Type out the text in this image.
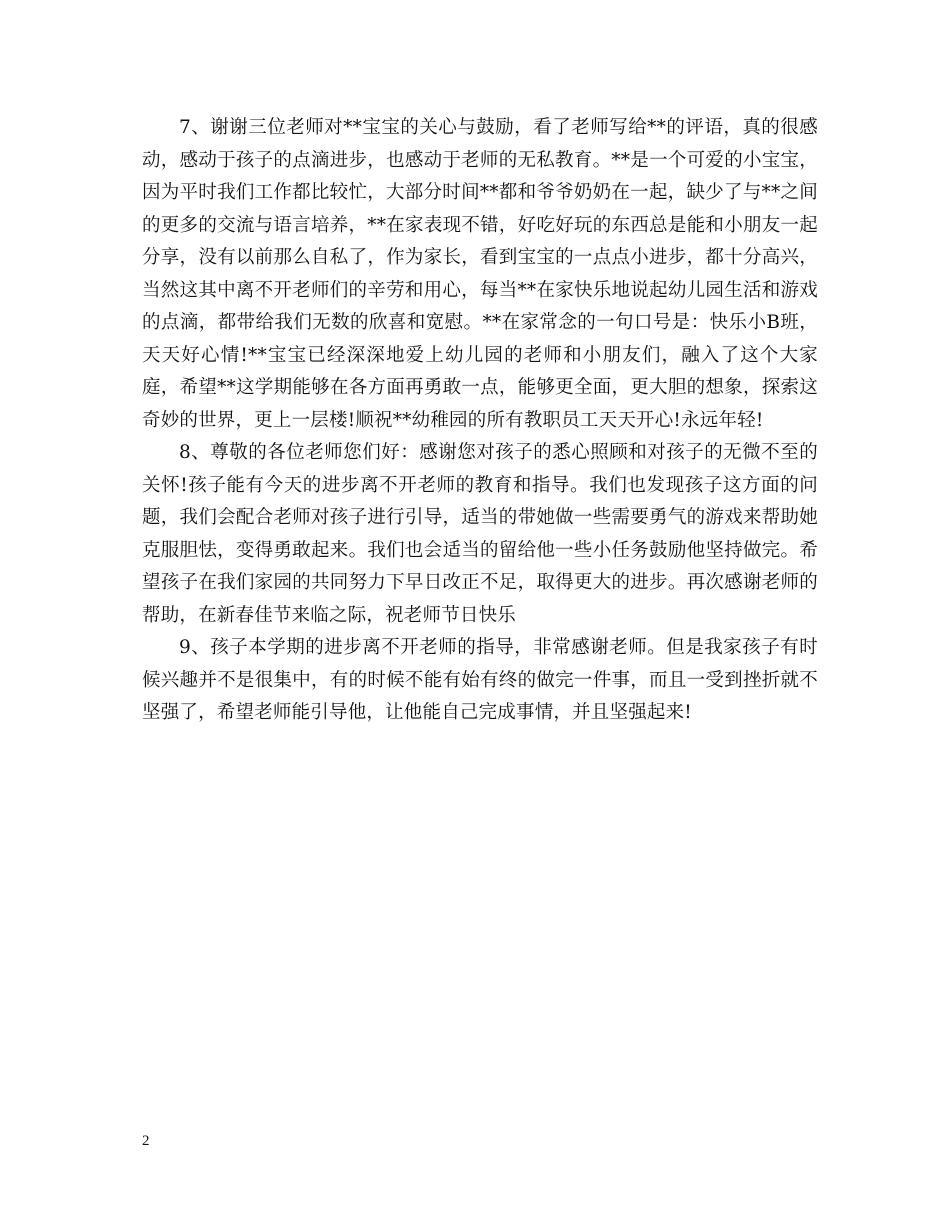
7、谢谢三位老师对**宝宝的关心与鼓励，看了老师写给**的评语，真的很感动，感动于孩子的点滴进步，也感动于老师的无私教育。**是一个可爱的小宝宝，因为平时我们工作都比较忙，大部分时间**都和爷爷奶奶在一起，缺少了与**之间的更多的交流与语言培养，**在家表现不错，好吃好玩的东西总是能和小朋友一起分享，没有以前那么自私了，作为家长，看到宝宝的一点点小进步，都十分高兴，当然这其中离不开老师们的辛劳和用心，每当**在家快乐地说起幼儿园生活和游戏的点滴，都带给我们无数的欣喜和宽慰。**在家常念的一句口号是：快乐小B班，天天好心情!**宝宝已经深深地爱上幼儿园的老师和小朋友们，融入了这个大家庭，希望**这学期能够在各方面再勇敢一点，能够更全面，更大胆的想象，探索这奇妙的世界，更上一层楼!顺祝**幼稚园的所有教职员工天天开心!永远年轻!

8、尊敬的各位老师您们好：感谢您对孩子的悉心照顾和对孩子的无微不至的关怀!孩子能有今天的进步离不开老师的教育和指导。我们也发现孩子这方面的问题，我们会配合老师对孩子进行引导，适当的带她做一些需要勇气的游戏来帮助她克服胆怯，变得勇敢起来。我们也会适当的留给他一些小任务鼓励他坚持做完。希望孩子在我们家园的共同努力下早日改正不足，取得更大的进步。再次感谢老师的帮助，在新春佳节来临之际，祝老师节日快乐

9、孩子本学期的进步离不开老师的指导，非常感谢老师。但是我家孩子有时候兴趣并不是很集中，有的时候不能有始有终的做完一件事，而且一受到挫折就不坚强了，希望老师能引导他，让他能自己完成事情，并且坚强起来!

2
